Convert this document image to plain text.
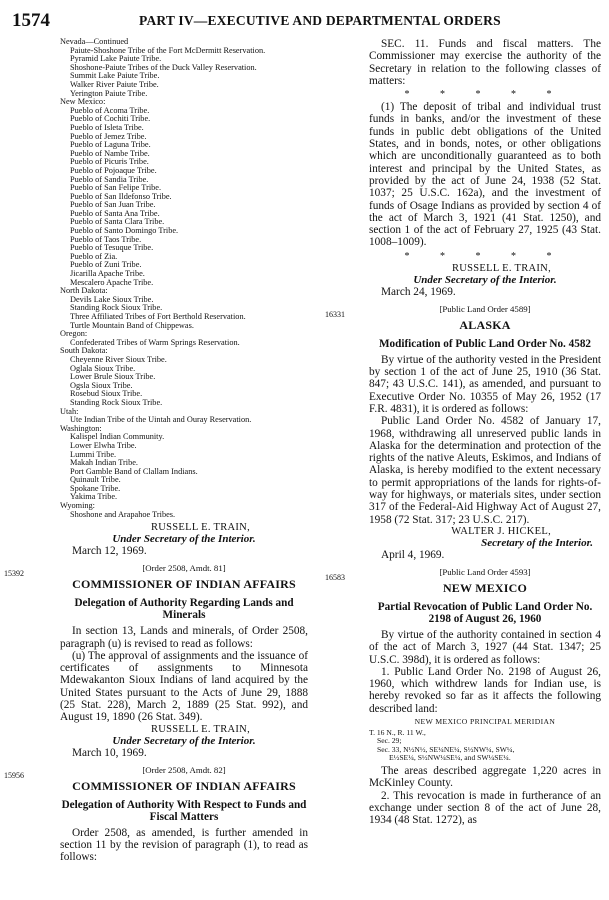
1574	PART IV—EXECUTIVE AND DEPARTMENTAL ORDERS
Nevada—Continued
Paiute-Shoshone Tribe of the Fort McDermitt Reservation.
Pyramid Lake Paiute Tribe.
Shoshone-Paiute Tribes of the Duck Valley Reservation.
Summit Lake Paiute Tribe.
Walker River Paiute Tribe.
Yerington Paiute Tribe.
New Mexico:
Pueblo of Acoma Tribe.
Pueblo of Cochiti Tribe.
Pueblo of Isleta Tribe.
Pueblo of Jemez Tribe.
Pueblo of Laguna Tribe.
Pueblo of Nambe Tribe.
Pueblo of Picuris Tribe.
Pueblo of Pojoaque Tribe.
Pueblo of Sandia Tribe.
Pueblo of San Felipe Tribe.
Pueblo of San Ildefonso Tribe.
Pueblo of San Juan Tribe.
Pueblo of Santa Ana Tribe.
Pueblo of Santa Clara Tribe.
Pueblo of Santo Domingo Tribe.
Pueblo of Taos Tribe.
Pueblo of Tesuque Tribe.
Pueblo of Zia.
Pueblo of Zuni Tribe.
Jicarilla Apache Tribe.
Mescalero Apache Tribe.
North Dakota:
Devils Lake Sioux Tribe.
Standing Rock Sioux Tribe.
Three Affiliated Tribes of Fort Berthold Reservation.
Turtle Mountain Band of Chippewas.
Oregon:
Confederated Tribes of Warm Springs Reservation.
South Dakota:
Cheyenne River Sioux Tribe.
Oglala Sioux Tribe.
Lower Brule Sioux Tribe.
Ogsla Sioux Tribe.
Rosebud Sioux Tribe.
Standing Rock Sioux Tribe.
Utah:
Ute Indian Tribe of the Uintah and Ouray Reservation.
Washington:
Kalispel Indian Community.
Lower Elwha Tribe.
Lummi Tribe.
Makah Indian Tribe.
Port Gamble Band of Clallam Indians.
Quinault Tribe.
Spokane Tribe.
Yakima Tribe.
Wyoming:
Shoshone and Arapahoe Tribes.
RUSSELL E. TRAIN,
Under Secretary of the Interior.
March 12, 1969.
15392
[Order 2508, Amdt. 81]
COMMISSIONER OF INDIAN AFFAIRS
Delegation of Authority Regarding Lands and Minerals

In section 13, Lands and minerals, of Order 2508, paragraph (u) is revised to read as follows:

(u) The approval of assignments and the issuance of certificates of assignments to Minnesota Mdewakanton Sioux Indians of land acquired by the United States pursuant to the Acts of June 29, 1888 (25 Stat. 228), March 2, 1889 (25 Stat. 992), and August 19, 1890 (26 Stat. 349).

RUSSELL E. TRAIN,
Under Secretary of the Interior.
March 10, 1969.
15956
[Order 2508, Amdt. 82]
COMMISSIONER OF INDIAN AFFAIRS
Delegation of Authority With Respect to Funds and Fiscal Matters

Order 2508, as amended, is further amended in section 11 by the revision of paragraph (1), to read as follows:

SEC. 11. Funds and fiscal matters. The Commissioner may exercise the authority of the Secretary in relation to the following classes of matters:

* * * * *

(1) The deposit of tribal and individual trust funds in banks, and/or the investment of these funds in public debt obligations of the United States, and in bonds, notes, or other obligations which are unconditionally guaranteed as to both interest and principal by the United States, as provided by the act of June 24, 1938 (52 Stat. 1037; 25 U.S.C. 162a), and the investment of funds of Osage Indians as provided by section 4 of the act of March 3, 1921 (41 Stat. 1250), and section 1 of the act of February 27, 1925 (43 Stat. 1008–1009).

* * * * *
RUSSELL E. TRAIN,
Under Secretary of the Interior.
March 24, 1969.
16331
[Public Land Order 4589]
ALASKA
Modification of Public Land Order No. 4582

By virtue of the authority vested in the President by section 1 of the act of June 25, 1910 (36 Stat. 847; 43 U.S.C. 141), as amended, and pursuant to Executive Order No. 10355 of May 26, 1952 (17 F.R. 4831), it is ordered as follows:

Public Land Order No. 4582 of January 17, 1968, withdrawing all unreserved public lands in Alaska for the determination and protection of the rights of the native Aleuts, Eskimos, and Indians of Alaska, is hereby modified to the extent necessary to permit appropriations of the lands for rights-of-way for highways, or materials sites, under section 317 of the Federal-Aid Highway Act of August 27, 1958 (72 Stat. 317; 23 U.S.C. 217).

WALTER J. HICKEL,
Secretary of the Interior.
April 4, 1969.
16583
[Public Land Order 4593]
NEW MEXICO
Partial Revocation of Public Land Order No. 2198 of August 26, 1960

By virtue of the authority contained in section 4 of the act of March 3, 1927 (44 Stat. 1347; 25 U.S.C. 398d), it is ordered as follows:

1. Public Land Order No. 2198 of August 26, 1960, which withdrew lands for Indian use, is hereby revoked so far as it affects the following described land:

NEW MEXICO PRINCIPAL MERIDIAN
T. 16 N., R. 11 W.,
Sec. 29;
Sec. 33, N½N½, SE¼NE¼, S½NW¼, SW¼,
E½SE¼, S½NW¼SE¼, and SW¼SE¼.

The areas described aggregate 1,220 acres in McKinley County.

2. This revocation is made in furtherance of an exchange under section 8 of the act of June 28, 1934 (48 Stat. 1272), as
